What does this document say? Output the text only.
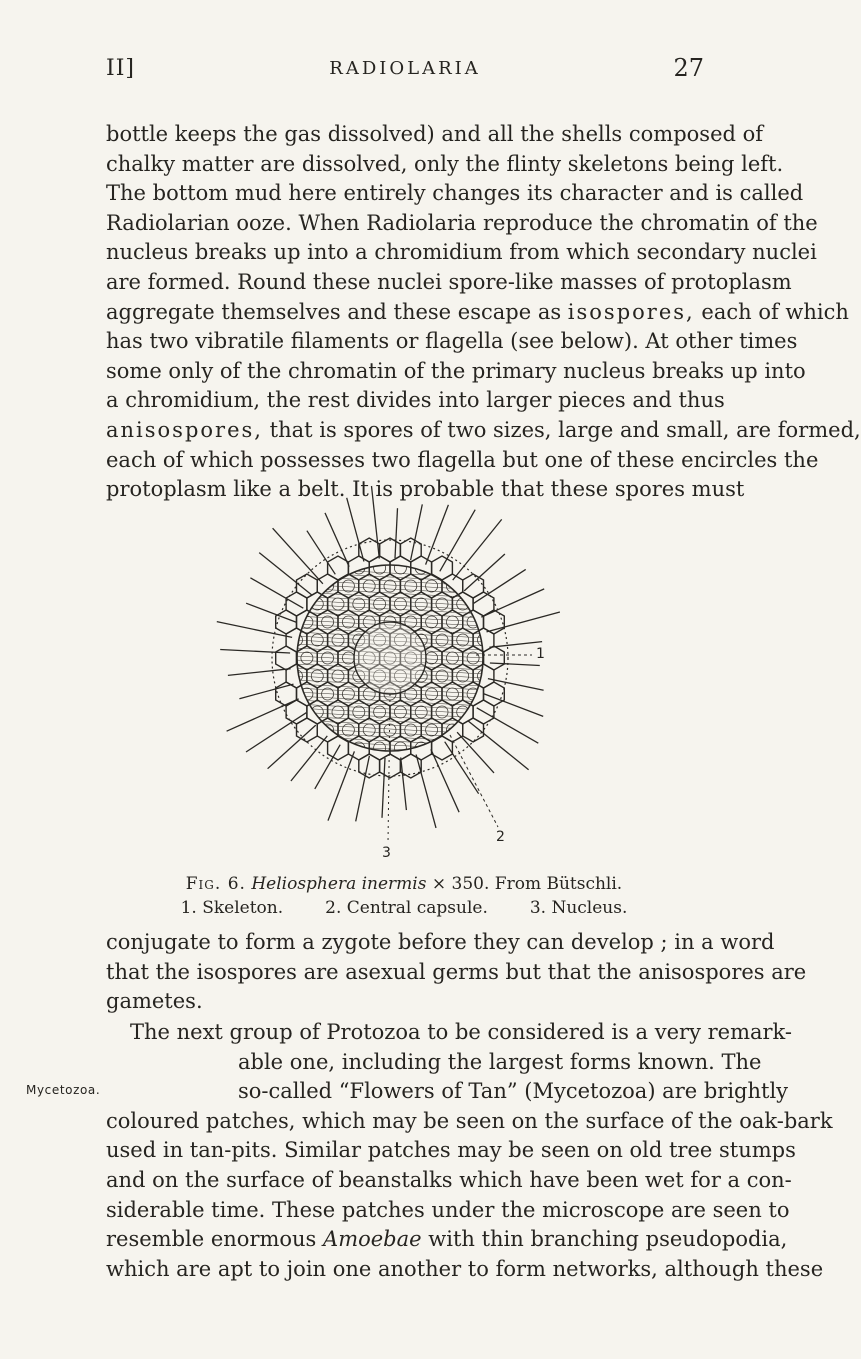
II]	RADIOLARIA	27
bottle keeps the gas dissolved) and all the shells composed of
chalky matter are dissolved, only the flinty skeletons being left.
The bottom mud here entirely changes its character and is called
Radiolarian ooze. When Radiolaria reproduce the chromatin of the
nucleus breaks up into a chromidium from which secondary nuclei
are formed. Round these nuclei spore-like masses of protoplasm
aggregate themselves and these escape as isospores, each of which
has two vibratile filaments or flagella (see below). At other times
some only of the chromatin of the primary nucleus breaks up into
a chromidium, the rest divides into larger pieces and thus
anisospores, that is spores of two sizes, large and small, are formed,
each of which possesses two flagella but one of these encircles the
protoplasm like a belt. It is probable that these spores must
1
2
3
Fig. 6. Heliosphera inermis × 350. From Bütschli.
1. Skeleton. 2. Central capsule. 3. Nucleus.
conjugate to form a zygote before they can develop ; in a word
that the isospores are asexual germs but that the anisospores are
gametes.
The next group of Protozoa to be considered is a very remark-
able one, including the largest forms known. The
so-called “Flowers of Tan” (Mycetozoa) are brightly
coloured patches, which may be seen on the surface of the oak-bark
used in tan-pits. Similar patches may be seen on old tree stumps
and on the surface of beanstalks which have been wet for a con-
siderable time. These patches under the microscope are seen to
resemble enormous Amoebae with thin branching pseudopodia,
which are apt to join one another to form networks, although these
Mycetozoa.
